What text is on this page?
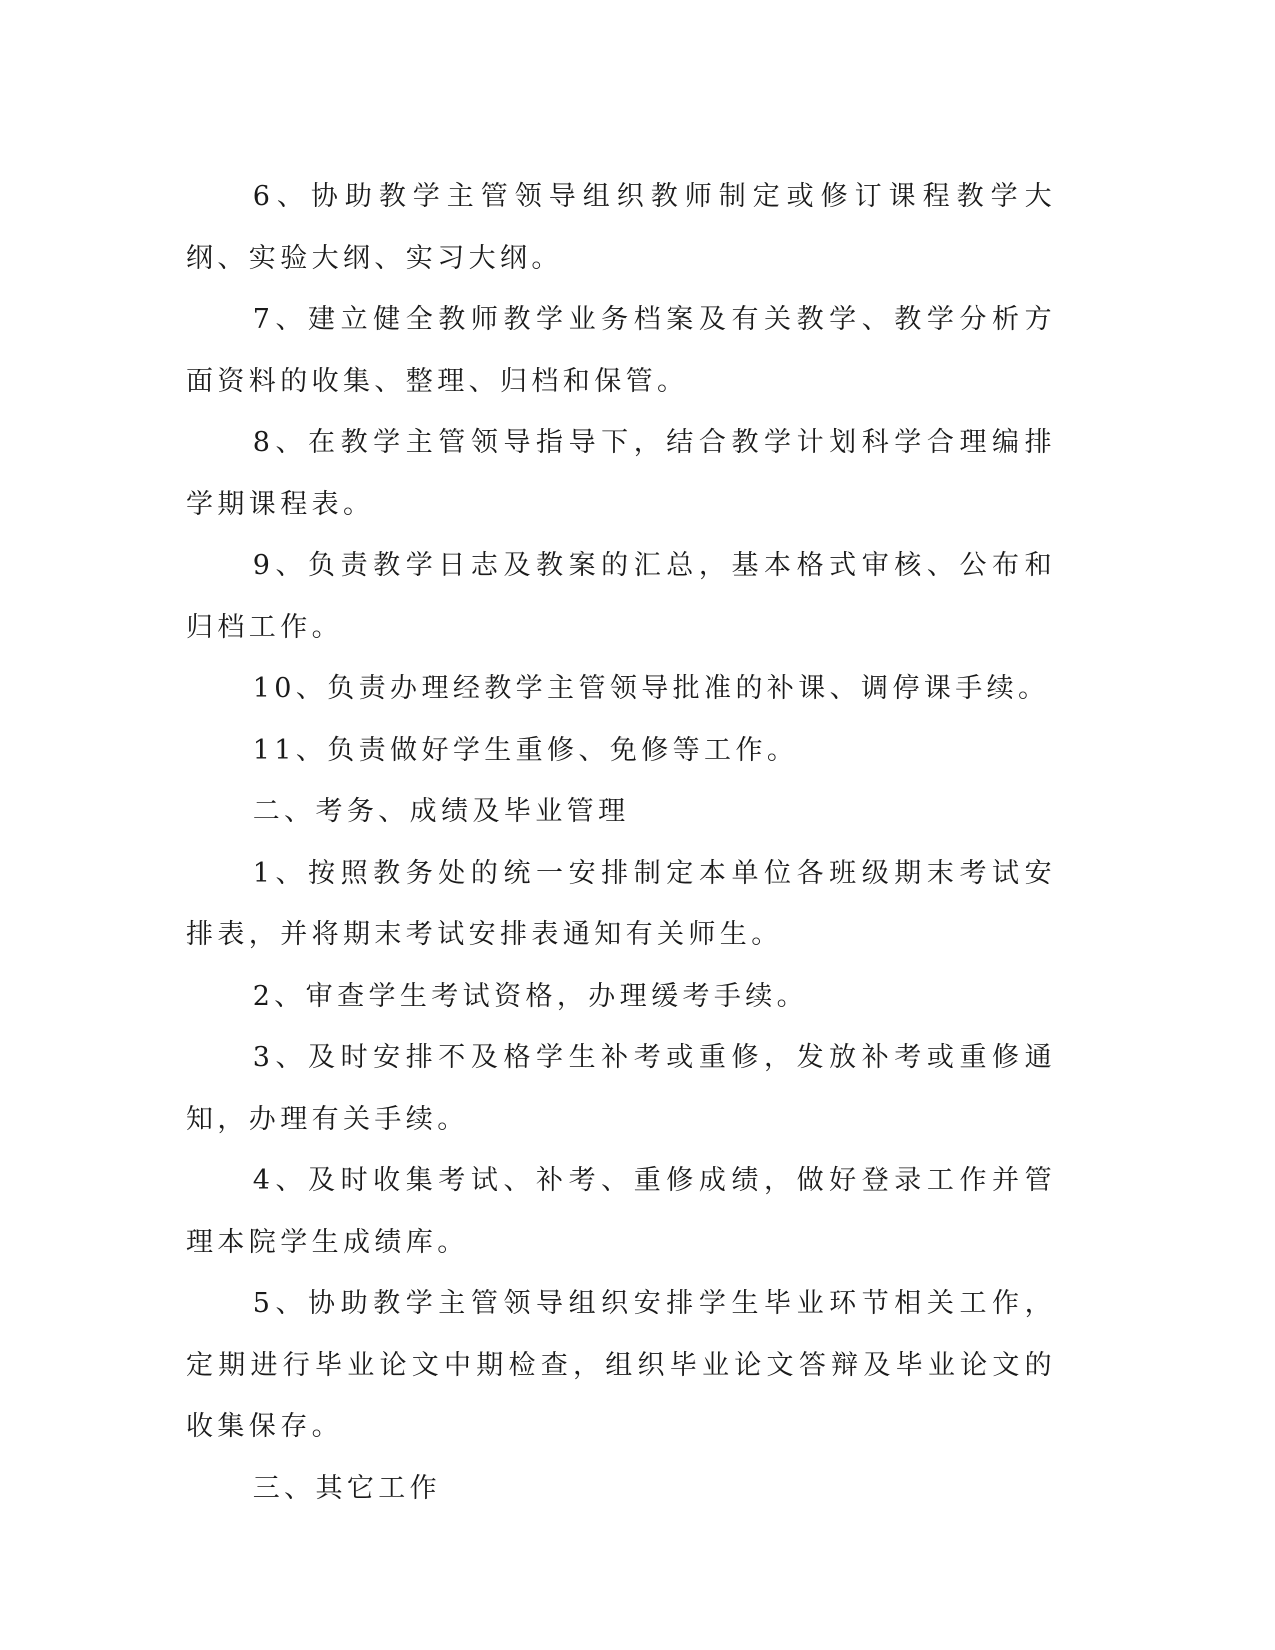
6、协助教学主管领导组织教师制定或修订课程教学大纲、实验大纲、实习大纲。

7、建立健全教师教学业务档案及有关教学、教学分析方面资料的收集、整理、归档和保管。

8、在教学主管领导指导下，结合教学计划科学合理编排学期课程表。

9、负责教学日志及教案的汇总，基本格式审核、公布和归档工作。

10、负责办理经教学主管领导批准的补课、调停课手续。

11、负责做好学生重修、免修等工作。

二、考务、成绩及毕业管理

1、按照教务处的统一安排制定本单位各班级期末考试安排表，并将期末考试安排表通知有关师生。

2、审查学生考试资格，办理缓考手续。

3、及时安排不及格学生补考或重修，发放补考或重修通知，办理有关手续。

4、及时收集考试、补考、重修成绩，做好登录工作并管理本院学生成绩库。

5、协助教学主管领导组织安排学生毕业环节相关工作，定期进行毕业论文中期检查，组织毕业论文答辩及毕业论文的收集保存。

三、其它工作
